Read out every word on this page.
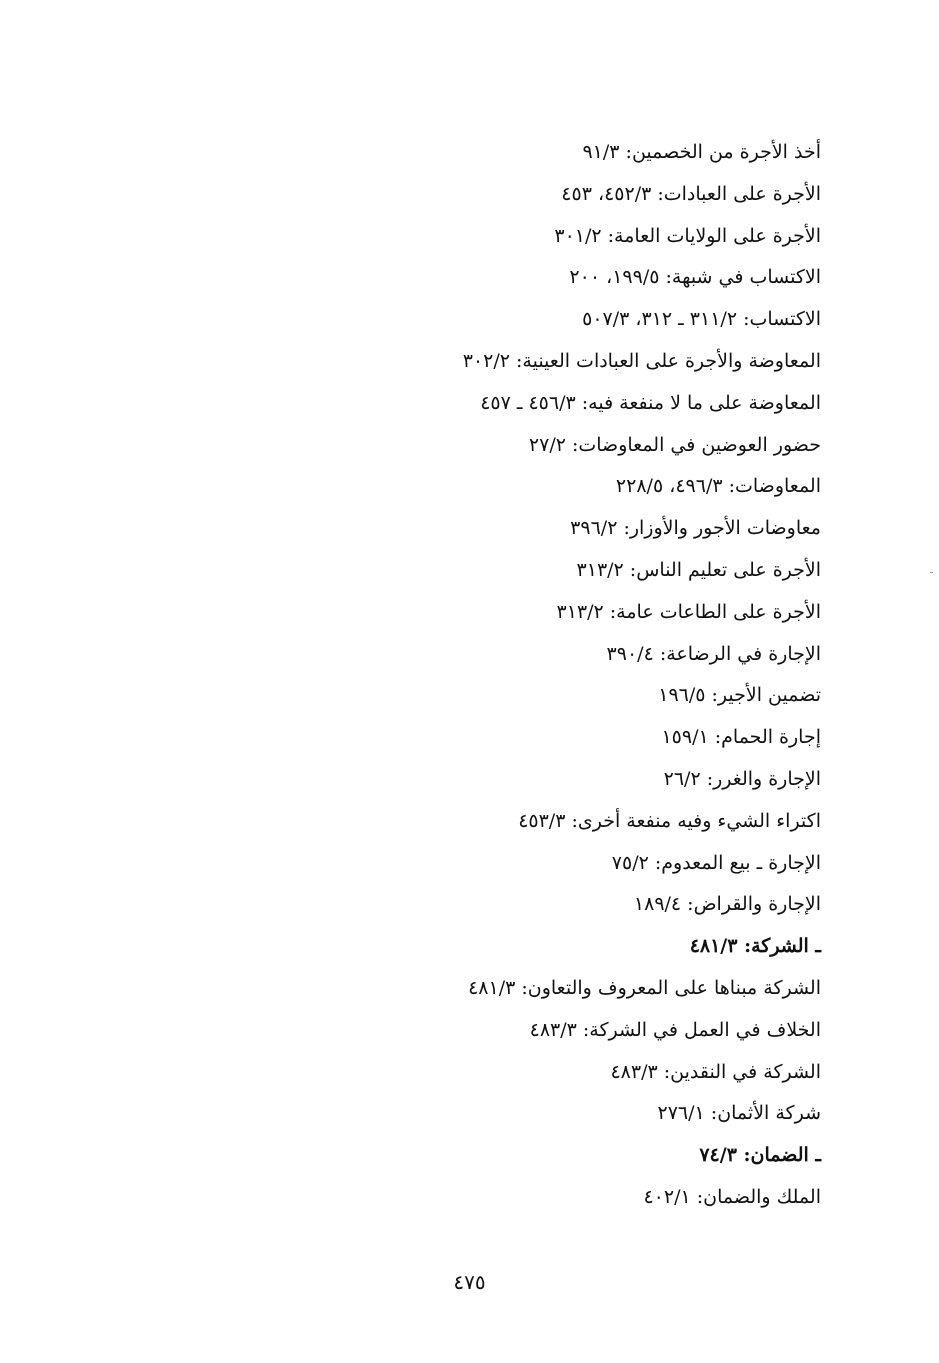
أخذ الأجرة من الخصمين: ٩١/٣
الأجرة على العبادات: ٤٥٢/٣، ٤٥٣
الأجرة على الولايات العامة: ٣٠١/٢
الاكتساب في شبهة: ١٩٩/٥، ٢٠٠
الاكتساب: ٣١١/٢ ـ ٣١٢، ٥٠٧/٣
المعاوضة والأجرة على العبادات العينية: ٣٠٢/٢
المعاوضة على ما لا منفعة فيه: ٤٥٦/٣ ـ ٤٥٧
حضور العوضين في المعاوضات: ٢٧/٢
المعاوضات: ٤٩٦/٣، ٢٢٨/٥
معاوضات الأجور والأوزار: ٣٩٦/٢
الأجرة على تعليم الناس: ٣١٣/٢
الأجرة على الطاعات عامة: ٣١٣/٢
الإجارة في الرضاعة: ٣٩٠/٤
تضمين الأجير: ١٩٦/٥
إجارة الحمام: ١٥٩/١
الإجارة والغرر: ٢٦/٢
اكتراء الشيء وفيه منفعة أخرى: ٤٥٣/٣
الإجارة ـ بيع المعدوم: ٧٥/٢
الإجارة والقراض: ١٨٩/٤
ـ الشركة: ٤٨١/٣
الشركة مبناها على المعروف والتعاون: ٤٨١/٣
الخلاف في العمل في الشركة: ٤٨٣/٣
الشركة في النقدين: ٤٨٣/٣
شركة الأثمان: ٢٧٦/١
ـ الضمان: ٧٤/٣
الملك والضمان: ٤٠٢/١
٤٧٥
